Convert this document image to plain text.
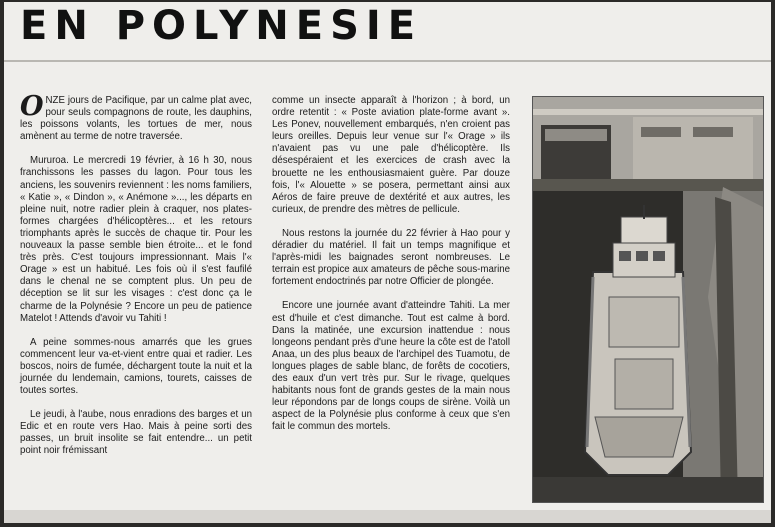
EN POLYNESIE

ONZE jours de Pacifique, par un calme plat avec, pour seuls compagnons de route, les dauphins, les poissons volants, les tortues de mer, nous amènent au terme de notre traversée.

Mururoa. Le mercredi 19 février, à 16 h 30, nous franchissons les passes du lagon. Pour tous les anciens, les souvenirs reviennent : les noms familiers, « Katie », « Dindon », « Anémone »..., les départs en pleine nuit, notre radier plein à craquer, nos plates-formes chargées d'hélicoptères... et les retours triomphants après le succès de chaque tir. Pour les nouveaux la passe semble bien étroite... et le fond très près. C'est toujours impressionnant. Mais l'« Orage » est un habitué. Les fois où il s'est faufilé dans le chenal ne se comptent plus. Un peu de déception se lit sur les visages : c'est donc ça le charme de la Polynésie ? Encore un peu de patience Matelot ! Attends d'avoir vu Tahiti !

A peine sommes-nous amarrés que les grues commencent leur va-et-vient entre quai et radier. Les boscos, noirs de fumée, déchargent toute la nuit et la journée du lendemain, camions, tourets, caisses de toutes sortes.

Le jeudi, à l'aube, nous enradions des barges et un Edic et en route vers Hao. Mais à peine sorti des passes, un bruit insolite se fait entendre... un petit point noir frémissant

comme un insecte apparaît à l'horizon ; à bord, un ordre retentit : « Poste aviation plate-forme avant ». Les Ponev, nouvellement embarqués, n'en croient pas leurs oreilles. Depuis leur venue sur l'« Orage » ils n'avaient pas vu une pale d'hélicoptère. Ils désespéraient et les exercices de crash avec la brouette ne les enthousiasmaient guère. Par douze fois, l'« Alouette » se posera, permettant ainsi aux Aéros de faire preuve de dextérité et aux autres, les curieux, de prendre des mètres de pellicule.

Nous restons la journée du 22 février à Hao pour y déradier du matériel. Il fait un temps magnifique et l'après-midi les baignades seront nombreuses. Le terrain est propice aux amateurs de pêche sous-marine fortement endoctrinés par notre Officier de plongée.

Encore une journée avant d'atteindre Tahiti. La mer est d'huile et c'est dimanche. Tout est calme à bord. Dans la matinée, une excursion inattendue : nous longeons pendant près d'une heure la côte est de l'atoll Anaa, un des plus beaux de l'archipel des Tuamotu, de longues plages de sable blanc, de forêts de cocotiers, des eaux d'un vert très pur. Sur le rivage, quelques habitants nous font de grands gestes de la main nous leur répondons par de longs coups de sirène. Voilà un aspect de la Polynésie plus conforme à ceux que s'en fait le commun des mortels.
